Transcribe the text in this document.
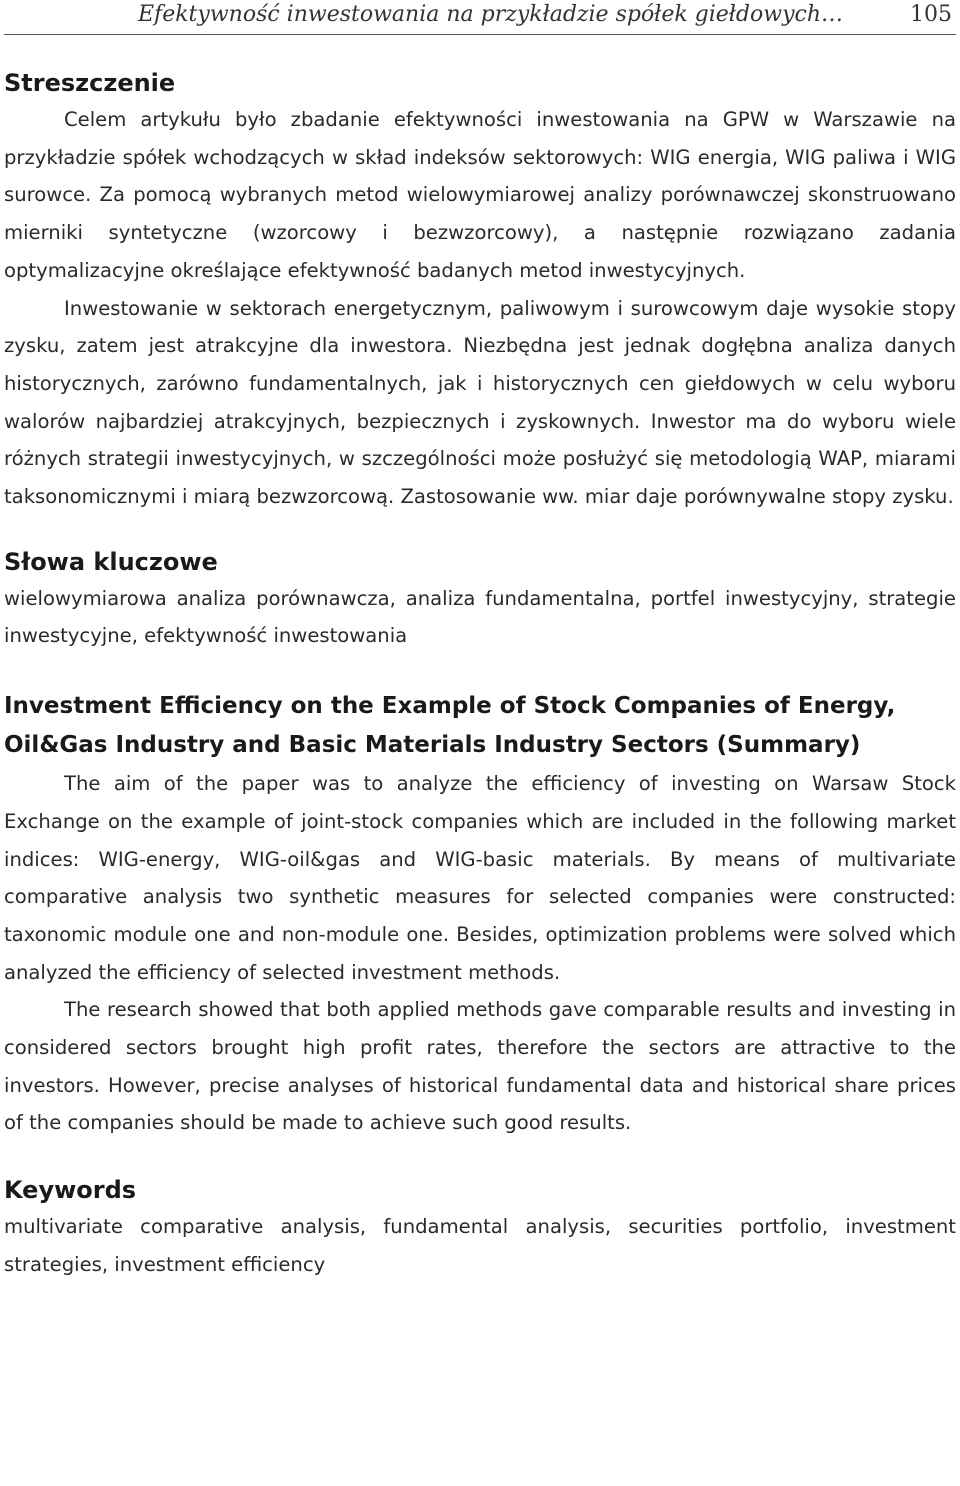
Efektywność inwestowania na przykładzie spółek giełdowych…	105
Streszczenie

Celem artykułu było zbadanie efektywności inwestowania na GPW w Warszawie na przykładzie spółek wchodzących w skład indeksów sektorowych: WIG energia, WIG paliwa i WIG surowce. Za pomocą wybranych metod wielowymiarowej analizy porównawczej skonstruowano mierniki syntetyczne (wzorcowy i bezwzorcowy), a następnie rozwiązano zadania optymalizacyjne określające efektywność badanych metod inwestycyjnych.

Inwestowanie w sektorach energetycznym, paliwowym i surowcowym daje wysokie stopy zysku, zatem jest atrakcyjne dla inwestora. Niezbędna jest jednak dogłębna analiza danych historycznych, zarówno fundamentalnych, jak i historycznych cen giełdowych w celu wyboru walorów najbardziej atrakcyjnych, bezpiecznych i zyskownych. Inwestor ma do wyboru wiele różnych strategii inwestycyjnych, w szczególności może posłużyć się metodologią WAP, miarami taksonomicznymi i miarą bezwzorcową. Zastosowanie ww. miar daje porównywalne stopy zysku.

Słowa kluczowe

wielowymiarowa analiza porównawcza, analiza fundamentalna, portfel inwestycyjny, strategie inwestycyjne, efektywność inwestowania

Investment Efficiency on the Example of Stock Companies of Energy, Oil&Gas Industry and Basic Materials Industry Sectors (Summary)

The aim of the paper was to analyze the efficiency of investing on Warsaw Stock Exchange on the example of joint-stock companies which are included in the following market indices: WIG-energy, WIG-oil&gas and WIG-basic materials. By means of multivariate comparative analysis two synthetic measures for selected companies were constructed: taxonomic module one and non-module one. Besides, optimization problems were solved which analyzed the efficiency of selected investment methods.

The research showed that both applied methods gave comparable results and investing in considered sectors brought high profit rates, therefore the sectors are attractive to the investors. However, precise analyses of historical fundamental data and historical share prices of the companies should be made to achieve such good results.

Keywords

multivariate comparative analysis, fundamental analysis, securities portfolio, investment strategies, investment efficiency
